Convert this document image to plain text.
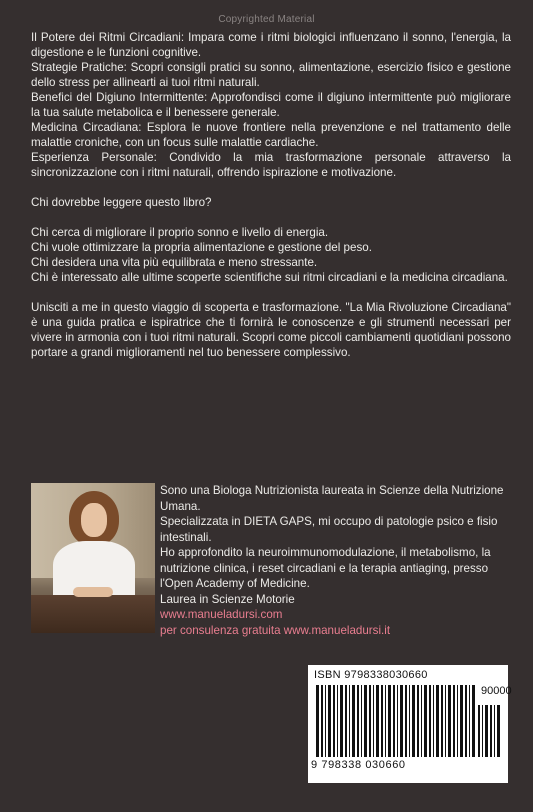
Copyrighted Material

Il Potere dei Ritmi Circadiani: Impara come i ritmi biologici influenzano il sonno, l'energia, la digestione e le funzioni cognitive.

Strategie Pratiche: Scopri consigli pratici su sonno, alimentazione, esercizio fisico e gestione dello stress per allinearti ai tuoi ritmi naturali.

Benefici del Digiuno Intermittente: Approfondisci come il digiuno intermittente può migliorare la tua salute metabolica e il benessere generale.

Medicina Circadiana: Esplora le nuove frontiere nella prevenzione e nel trattamento delle malattie croniche, con un focus sulle malattie cardiache.

Esperienza Personale: Condivido la mia trasformazione personale attraverso la sincronizzazione con i ritmi naturali, offrendo ispirazione e motivazione.

Chi dovrebbe leggere questo libro?

Chi cerca di migliorare il proprio sonno e livello di energia.

Chi vuole ottimizzare la propria alimentazione e gestione del peso.

Chi desidera una vita più equilibrata e meno stressante.

Chi è interessato alle ultime scoperte scientifiche sui ritmi circadiani e la medicina circadiana.

Unisciti a me in questo viaggio di scoperta e trasformazione. "La Mia Rivoluzione Circadiana" è una guida pratica e ispiratrice che ti fornirà le conoscenze e gli strumenti necessari per vivere in armonia con i tuoi ritmi naturali. Scopri come piccoli cambiamenti quotidiani possono portare a grandi miglioramenti nel tuo benessere complessivo.

Sono una Biologa Nutrizionista laureata in Scienze della Nutrizione Umana.

Specializzata in DIETA GAPS, mi occupo di patologie psico e fisio intestinali.

Ho approfondito la neuroimmunomodulazione, il metabolismo, la nutrizione clinica, i reset circadiani e la terapia antiaging, presso l'Open Academy of Medicine.

Laurea in Scienze Motorie

www.manueladursi.com

per consulenza gratuita www.manueladursi.it

ISBN 9798338030660
90000
9 798338 030660
